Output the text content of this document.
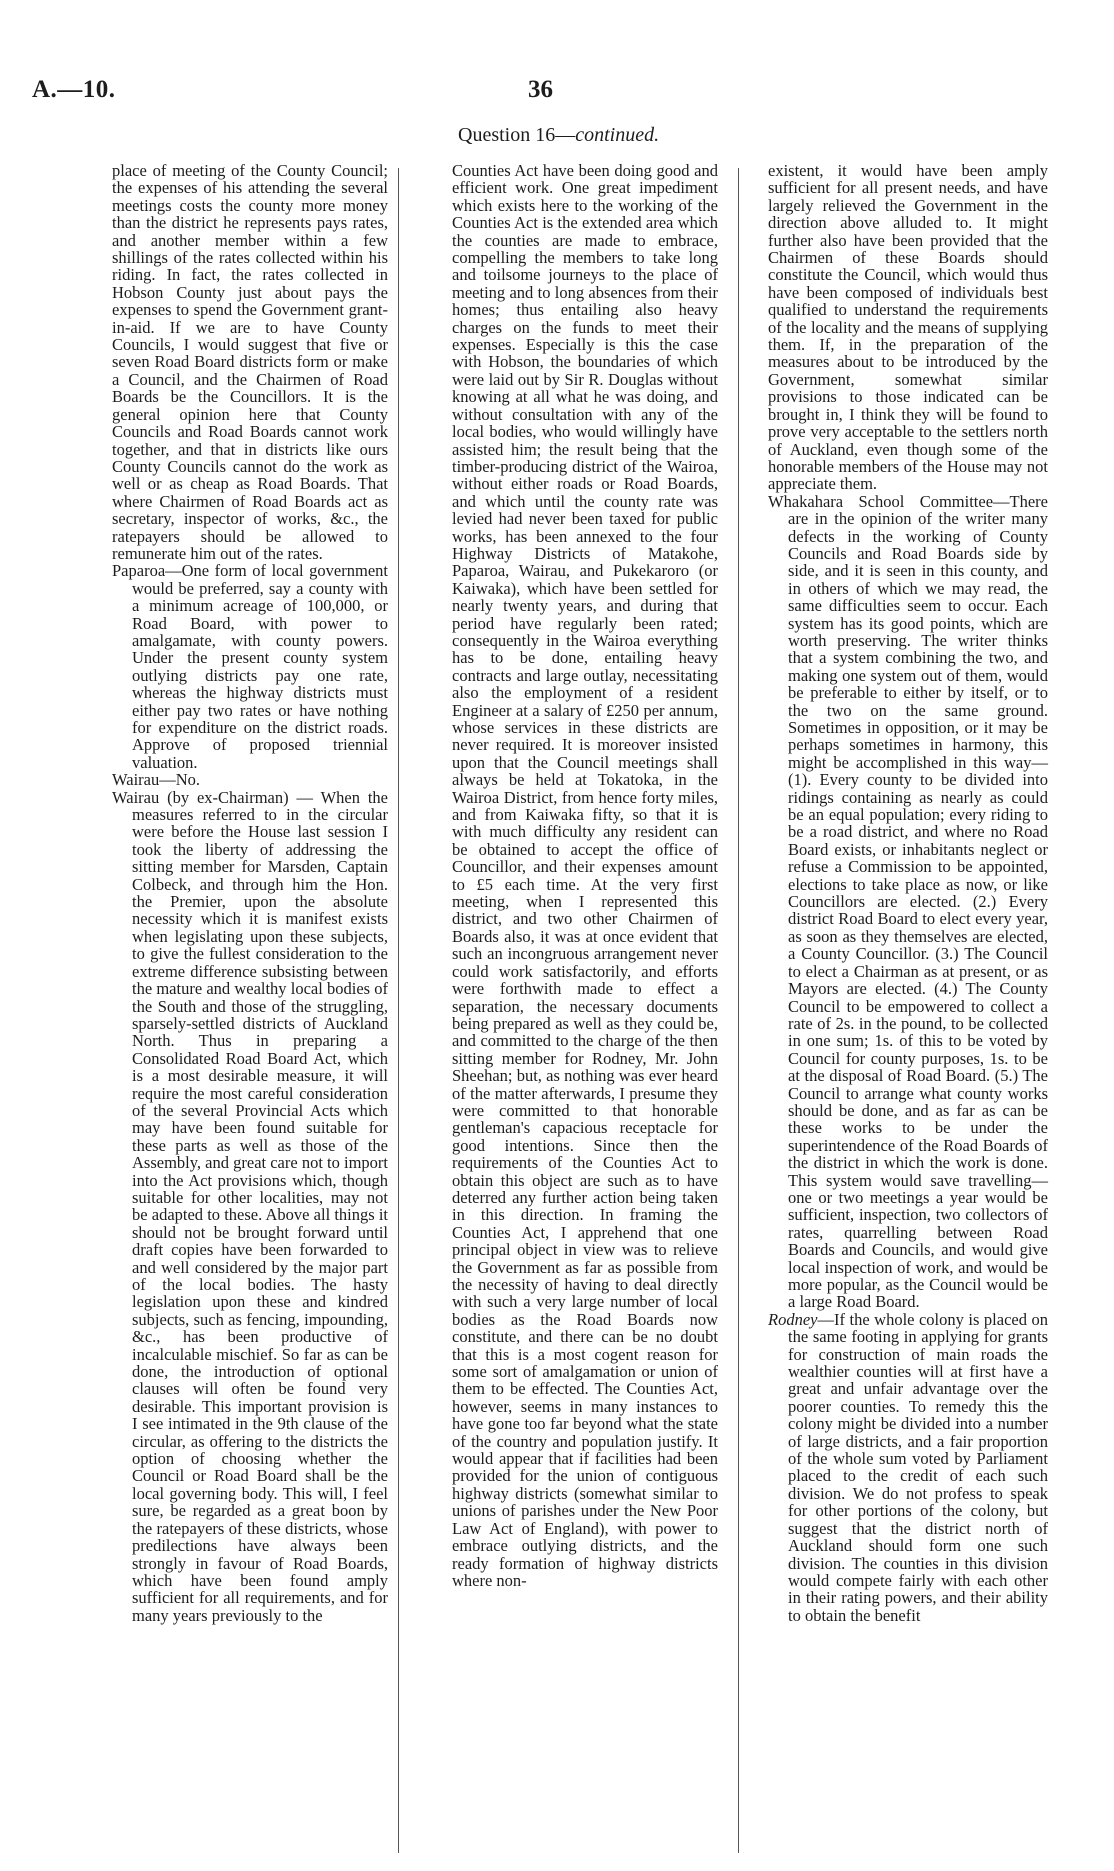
A.—10.	36
Question 16—continued.

place of meeting of the County Council; the expenses of his attending the several meetings costs the county more money than the district he represents pays rates, and another member within a few shillings of the rates collected within his riding. In fact, the rates collected in Hobson County just about pays the expenses to spend the Government grant-in-aid. If we are to have County Councils, I would suggest that five or seven Road Board districts form or make a Council, and the Chairmen of Road Boards be the Councillors. It is the general opinion here that County Councils and Road Boards cannot work together, and that in districts like ours County Councils cannot do the work as well or as cheap as Road Boards. That where Chairmen of Road Boards act as secretary, inspector of works, &c., the ratepayers should be allowed to remunerate him out of the rates.

Paparoa—One form of local government would be preferred, say a county with a minimum acreage of 100,000, or Road Board, with power to amalgamate, with county powers. Under the present county system outlying districts pay one rate, whereas the highway districts must either pay two rates or have nothing for expenditure on the district roads. Approve of proposed triennial valuation.

Wairau—No.

Wairau (by ex-Chairman) — When the measures referred to in the circular were before the House last session I took the liberty of addressing the sitting member for Marsden, Captain Colbeck, and through him the Hon. the Premier, upon the absolute necessity which it is manifest exists when legislating upon these subjects, to give the fullest consideration to the extreme difference subsisting between the mature and wealthy local bodies of the South and those of the struggling, sparsely-settled districts of Auckland North. Thus in preparing a Consolidated Road Board Act, which is a most desirable measure, it will require the most careful consideration of the several Provincial Acts which may have been found suitable for these parts as well as those of the Assembly, and great care not to import into the Act provisions which, though suitable for other localities, may not be adapted to these. Above all things it should not be brought forward until draft copies have been forwarded to and well considered by the major part of the local bodies. The hasty legislation upon these and kindred subjects, such as fencing, impounding, &c., has been productive of incalculable mischief. So far as can be done, the introduction of optional clauses will often be found very desirable. This important provision is I see intimated in the 9th clause of the circular, as offering to the districts the option of choosing whether the Council or Road Board shall be the local governing body. This will, I feel sure, be regarded as a great boon by the ratepayers of these districts, whose predilections have always been strongly in favour of Road Boards, which have been found amply sufficient for all requirements, and for many years previously to the

Counties Act have been doing good and efficient work. One great impediment which exists here to the working of the Counties Act is the extended area which the counties are made to embrace, compelling the members to take long and toilsome journeys to the place of meeting and to long absences from their homes; thus entailing also heavy charges on the funds to meet their expenses. Especially is this the case with Hobson, the boundaries of which were laid out by Sir R. Douglas without knowing at all what he was doing, and without consultation with any of the local bodies, who would willingly have assisted him; the result being that the timber-producing district of the Wairoa, without either roads or Road Boards, and which until the county rate was levied had never been taxed for public works, has been annexed to the four Highway Districts of Matakohe, Paparoa, Wairau, and Pukekaroro (or Kaiwaka), which have been settled for nearly twenty years, and during that period have regularly been rated; consequently in the Wairoa everything has to be done, entailing heavy contracts and large outlay, necessitating also the employment of a resident Engineer at a salary of £250 per annum, whose services in these districts are never required. It is moreover insisted upon that the Council meetings shall always be held at Tokatoka, in the Wairoa District, from hence forty miles, and from Kaiwaka fifty, so that it is with much difficulty any resident can be obtained to accept the office of Councillor, and their expenses amount to £5 each time. At the very first meeting, when I represented this district, and two other Chairmen of Boards also, it was at once evident that such an incongruous arrangement never could work satisfactorily, and efforts were forthwith made to effect a separation, the necessary documents being prepared as well as they could be, and committed to the charge of the then sitting member for Rodney, Mr. John Sheehan; but, as nothing was ever heard of the matter afterwards, I presume they were committed to that honorable gentleman's capacious receptacle for good intentions. Since then the requirements of the Counties Act to obtain this object are such as to have deterred any further action being taken in this direction. In framing the Counties Act, I apprehend that one principal object in view was to relieve the Government as far as possible from the necessity of having to deal directly with such a very large number of local bodies as the Road Boards now constitute, and there can be no doubt that this is a most cogent reason for some sort of amalgamation or union of them to be effected. The Counties Act, however, seems in many instances to have gone too far beyond what the state of the country and population justify. It would appear that if facilities had been provided for the union of contiguous highway districts (somewhat similar to unions of parishes under the New Poor Law Act of England), with power to embrace outlying districts, and the ready formation of highway districts where non-

existent, it would have been amply sufficient for all present needs, and have largely relieved the Government in the direction above alluded to. It might further also have been provided that the Chairmen of these Boards should constitute the Council, which would thus have been composed of individuals best qualified to understand the requirements of the locality and the means of supplying them. If, in the preparation of the measures about to be introduced by the Government, somewhat similar provisions to those indicated can be brought in, I think they will be found to prove very acceptable to the settlers north of Auckland, even though some of the honorable members of the House may not appreciate them.

Whakahara School Committee—There are in the opinion of the writer many defects in the working of County Councils and Road Boards side by side, and it is seen in this county, and in others of which we may read, the same difficulties seem to occur. Each system has its good points, which are worth preserving. The writer thinks that a system combining the two, and making one system out of them, would be preferable to either by itself, or to the two on the same ground. Sometimes in opposition, or it may be perhaps sometimes in harmony, this might be accomplished in this way—(1). Every county to be divided into ridings containing as nearly as could be an equal population; every riding to be a road district, and where no Road Board exists, or inhabitants neglect or refuse a Commission to be appointed, elections to take place as now, or like Councillors are elected. (2.) Every district Road Board to elect every year, as soon as they themselves are elected, a County Councillor. (3.) The Council to elect a Chairman as at present, or as Mayors are elected. (4.) The County Council to be empowered to collect a rate of 2s. in the pound, to be collected in one sum; 1s. of this to be voted by Council for county purposes, 1s. to be at the disposal of Road Board. (5.) The Council to arrange what county works should be done, and as far as can be these works to be under the superintendence of the Road Boards of the district in which the work is done. This system would save travelling—one or two meetings a year would be sufficient, inspection, two collectors of rates, quarrelling between Road Boards and Councils, and would give local inspection of work, and would be more popular, as the Council would be a large Road Board.

Rodney—If the whole colony is placed on the same footing in applying for grants for construction of main roads the wealthier counties will at first have a great and unfair advantage over the poorer counties. To remedy this the colony might be divided into a number of large districts, and a fair proportion of the whole sum voted by Parliament placed to the credit of each such division. We do not profess to speak for other portions of the colony, but suggest that the district north of Auckland should form one such division. The counties in this division would compete fairly with each other in their rating powers, and their ability to obtain the benefit
